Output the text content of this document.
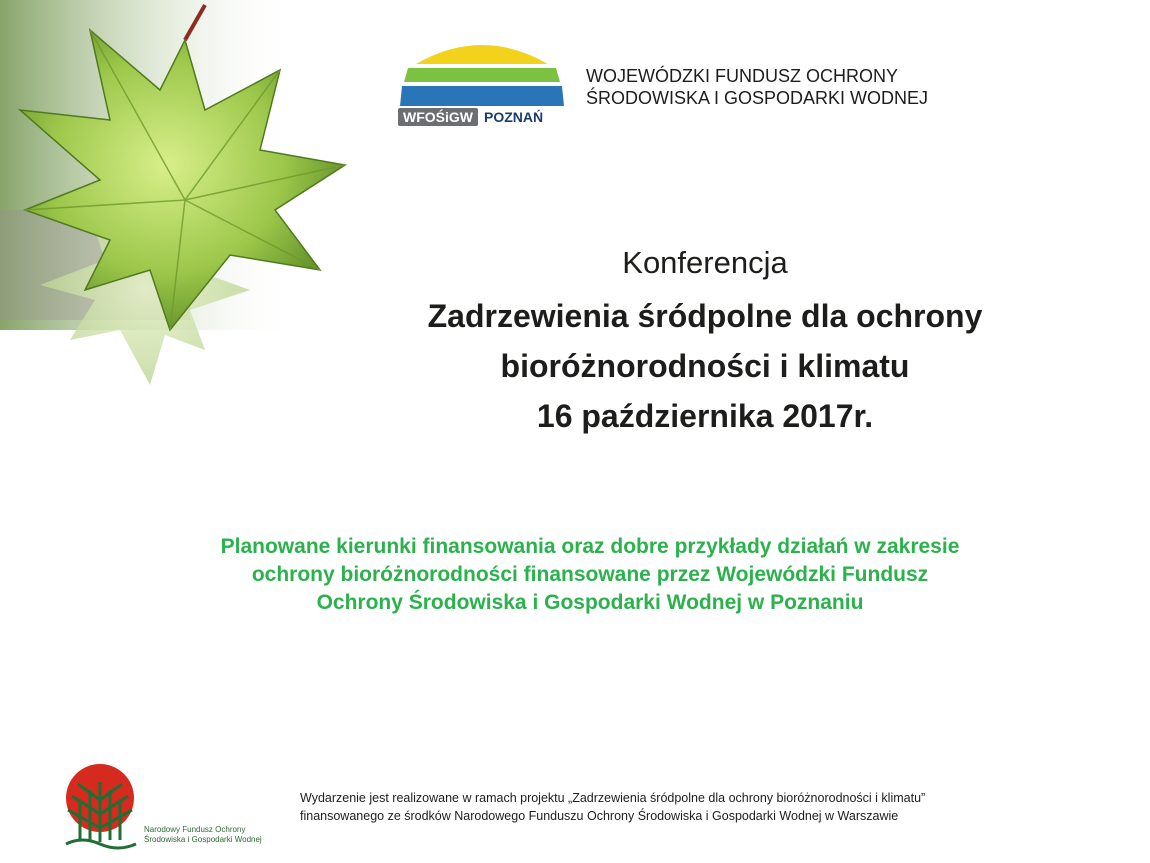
WFOŚiGW POZNAŃ
WOJEWÓDZKI FUNDUSZ OCHRONY
ŚRODOWISKA I GOSPODARKI WODNEJ
Konferencja
Zadrzewienia śródpolne dla ochrony
bioróżnorodności i klimatu
16 października 2017r.
Planowane kierunki finansowania oraz dobre przykłady działań w zakresie
ochrony bioróżnorodności finansowane przez Wojewódzki Fundusz
Ochrony Środowiska i Gospodarki Wodnej w Poznaniu
Narodowy Fundusz Ochrony
Środowiska i Gospodarki Wodnej
Wydarzenie jest realizowane w ramach projektu „Zadrzewienia śródpolne dla ochrony bioróżnorodności i klimatu”
finansowanego ze środków Narodowego Funduszu Ochrony Środowiska i Gospodarki Wodnej w Warszawie
